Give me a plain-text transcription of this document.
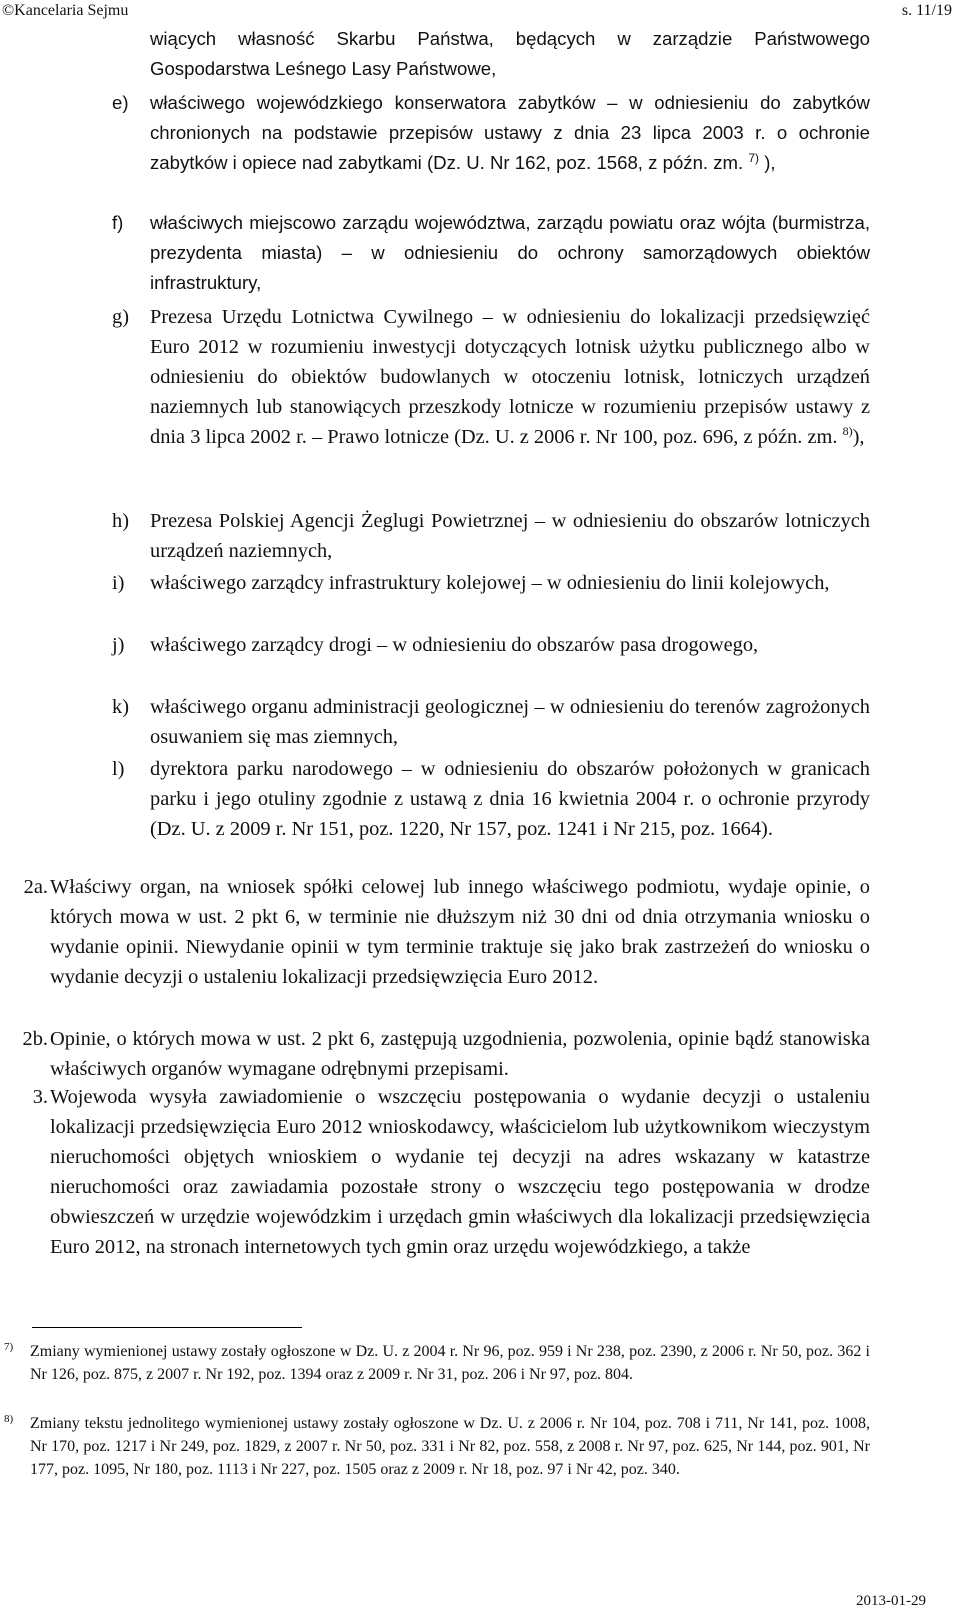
©Kancelaria Sejmu	s. 11/19
wiących własność Skarbu Państwa, będących w zarządzie Państwowego Gospodarstwa Leśnego Lasy Państwowe,
e)	właściwego wojewódzkiego konserwatora zabytków – w odniesieniu do zabytków chronionych na podstawie przepisów ustawy z dnia 23 lipca 2003 r. o ochronie zabytków i opiece nad zabytkami (Dz. U. Nr 162, poz. 1568, z późn. zm. $^{7)}$ ),
f)	właściwych miejscowo zarządu województwa, zarządu powiatu oraz wójta (burmistrza, prezydenta miasta) – w odniesieniu do ochrony samorządowych obiektów infrastruktury,
g)	Prezesa Urzędu Lotnictwa Cywilnego – w odniesieniu do lokalizacji przedsięwzięć Euro 2012 w rozumieniu inwestycji dotyczących lotnisk użytku publicznego albo w odniesieniu do obiektów budowlanych w otoczeniu lotnisk, lotniczych urządzeń naziemnych lub stanowiących przeszkody lotnicze w rozumieniu przepisów ustawy z dnia 3 lipca 2002 r. – Prawo lotnicze (Dz. U. z 2006 r. Nr 100, poz. 696, z późn. zm. $^{8)}$),
h)	Prezesa Polskiej Agencji Żeglugi Powietrznej – w odniesieniu do obszarów lotniczych urządzeń naziemnych,
i)	właściwego zarządcy infrastruktury kolejowej – w odniesieniu do linii kolejowych,
j)	właściwego zarządcy drogi – w odniesieniu do obszarów pasa drogowego,
k)	właściwego organu administracji geologicznej – w odniesieniu do terenów zagrożonych osuwaniem się mas ziemnych,
l)	dyrektora parku narodowego – w odniesieniu do obszarów położonych w granicach parku i jego otuliny zgodnie z ustawą z dnia 16 kwietnia 2004 r. o ochronie przyrody (Dz. U. z 2009 r. Nr 151, poz. 1220, Nr 157, poz. 1241 i Nr 215, poz. 1664).
2a. Właściwy organ, na wniosek spółki celowej lub innego właściwego podmiotu, wydaje opinie, o których mowa w ust. 2 pkt 6, w terminie nie dłuższym niż 30 dni od dnia otrzymania wniosku o wydanie opinii. Niewydanie opinii w tym terminie traktuje się jako brak zastrzeżeń do wniosku o wydanie decyzji o ustaleniu lokalizacji przedsięwzięcia Euro 2012.
2b. Opinie, o których mowa w ust. 2 pkt 6, zastępują uzgodnienia, pozwolenia, opinie bądź stanowiska właściwych organów wymagane odrębnymi przepisami.
3. Wojewoda wysyła zawiadomienie o wszczęciu postępowania o wydanie decyzji o ustaleniu lokalizacji przedsięwzięcia Euro 2012 wnioskodawcy, właścicielom lub użytkownikom wieczystym nieruchomości objętych wnioskiem o wydanie tej decyzji na adres wskazany w katastrze nieruchomości oraz zawiadamia pozostałe strony o wszczęciu tego postępowania w drodze obwieszczeń w urzędzie wojewódzkim i urzędach gmin właściwych dla lokalizacji przedsięwzięcia Euro 2012, na stronach internetowych tych gmin oraz urzędu wojewódzkiego, a także
7)	Zmiany wymienionej ustawy zostały ogłoszone w Dz. U. z 2004 r. Nr 96, poz. 959 i Nr 238, poz. 2390, z 2006 r. Nr 50, poz. 362 i Nr 126, poz. 875, z 2007 r. Nr 192, poz. 1394 oraz z 2009 r. Nr 31, poz. 206 i Nr 97, poz. 804.
8)	Zmiany tekstu jednolitego wymienionej ustawy zostały ogłoszone w Dz. U. z 2006 r. Nr 104, poz. 708 i 711, Nr 141, poz. 1008, Nr 170, poz. 1217 i Nr 249, poz. 1829, z 2007 r. Nr 50, poz. 331 i Nr 82, poz. 558, z 2008 r. Nr 97, poz. 625, Nr 144, poz. 901, Nr 177, poz. 1095, Nr 180, poz. 1113 i Nr 227, poz. 1505 oraz z 2009 r. Nr 18, poz. 97 i Nr 42, poz. 340.
2013-01-29
